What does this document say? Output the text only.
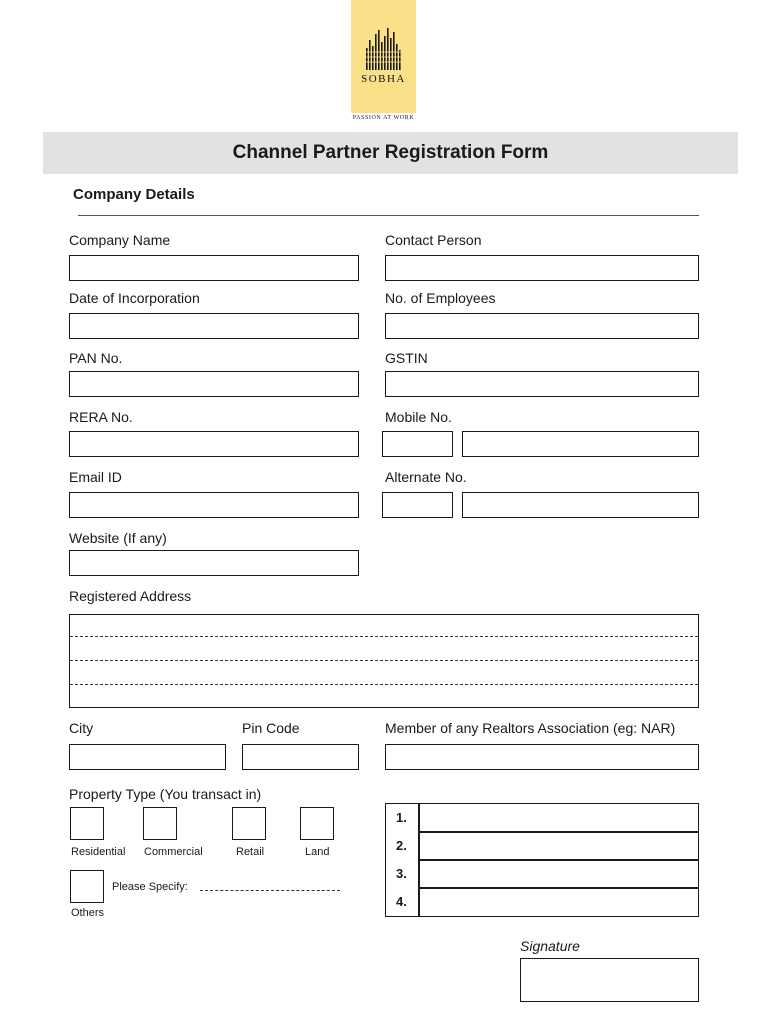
SOBHA
PASSION AT WORK
Channel Partner Registration Form
Company Details
Company Name	Contact Person
Date of Incorporation	No. of Employees
PAN No.	GSTIN
RERA No.	Mobile No.
Email ID	Alternate No.
Website (If any)
Registered Address
City	Pin Code	Member of any Realtors Association (eg: NAR)
Property Type (You transact in)
Residential Commercial	Retail	Land
Please Specify:
Others
1.
2.
3.
4.
Signature
